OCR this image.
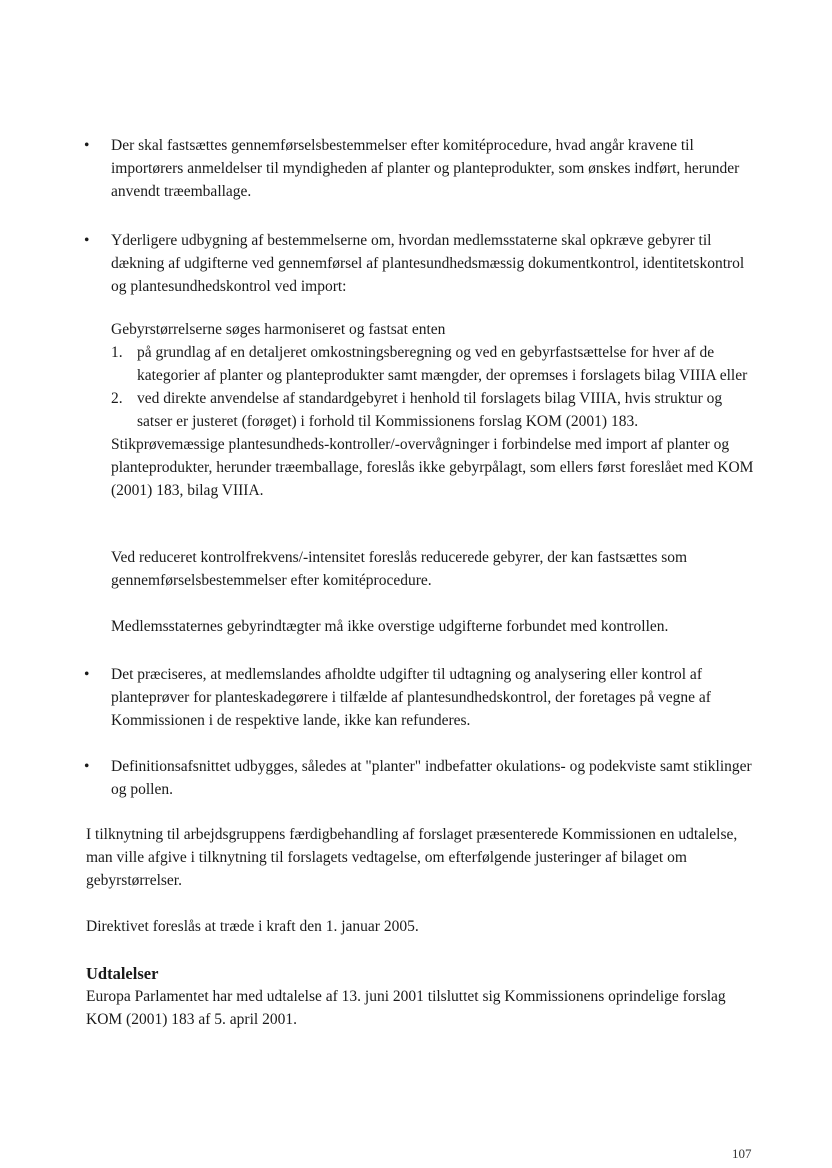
•	Der skal fastsættes gennemførselsbestemmelser efter komitéprocedure, hvad angår kravene til importørers anmeldelser til myndigheden af planter og planteprodukter, som ønskes indført, herunder anvendt træemballage.
•	Yderligere udbygning af bestemmelserne om, hvordan medlemsstaterne skal opkræve gebyrer til dækning af udgifterne ved gennemførsel af plantesundhedsmæssig dokumentkontrol, identitetskontrol og plantesundhedskontrol ved import:
Gebyrstørrelserne søges harmoniseret og fastsat enten
1. på grundlag af en detaljeret omkostningsberegning og ved en gebyrfastsættelse for hver af de kategorier af planter og planteprodukter samt mængder, der opremses i forslagets bilag VIIIA eller
2. ved direkte anvendelse af standardgebyret i henhold til forslagets bilag VIIIA, hvis struktur og satser er justeret (forøget) i forhold til Kommissionens forslag KOM (2001) 183.
Stikprøvemæssige plantesundheds-kontroller/-overvågninger i forbindelse med import af planter og planteprodukter, herunder træemballage, foreslås ikke gebyrpålagt, som ellers først foreslået med KOM (2001) 183, bilag VIIIA.
Ved reduceret kontrolfrekvens/-intensitet foreslås reducerede gebyrer, der kan fastsættes som gennemførselsbestemmelser efter komitéprocedure.
Medlemsstaternes gebyrindtægter må ikke overstige udgifterne forbundet med kontrollen.
•	Det præciseres, at medlemslandes afholdte udgifter til udtagning og analysering eller kontrol af planteprøver for planteskadegørere i tilfælde af plantesundhedskontrol, der foretages på vegne af Kommissionen i de respektive lande, ikke kan refunderes.
•	Definitionsafsnittet udbygges, således at "planter" indbefatter okulations- og podekviste samt stiklinger og pollen.
I tilknytning til arbejdsgruppens færdigbehandling af forslaget præsenterede Kommissionen en udtalelse, man ville afgive i tilknytning til forslagets vedtagelse, om efterfølgende justeringer af bilaget om gebyrstørrelser.
Direktivet foreslås at træde i kraft den 1. januar 2005.
Udtalelser
Europa Parlamentet har med udtalelse af 13. juni 2001 tilsluttet sig Kommissionens oprindelige forslag KOM (2001) 183 af 5. april 2001.
107
